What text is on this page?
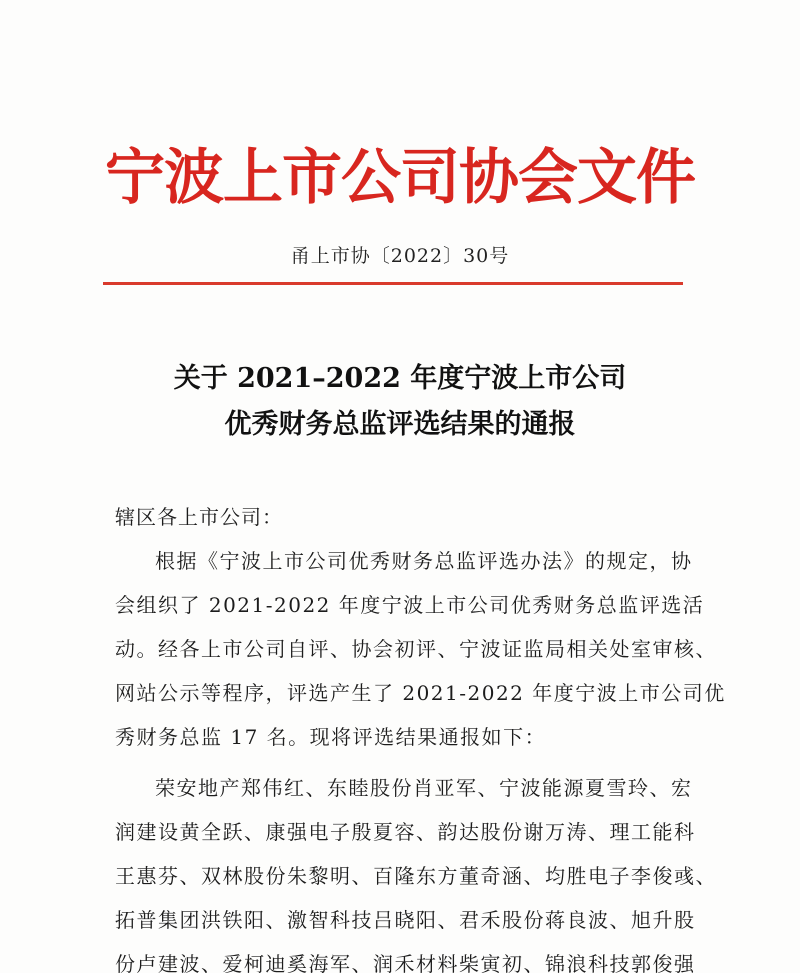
宁波上市公司协会文件
甬上市协〔2022〕30号
关于 2021–2022 年度宁波上市公司
优秀财务总监评选结果的通报
辖区各上市公司：
根据《宁波上市公司优秀财务总监评选办法》的规定，协
会组织了 2021-2022 年度宁波上市公司优秀财务总监评选活
动。经各上市公司自评、协会初评、宁波证监局相关处室审核、
网站公示等程序，评选产生了 2021-2022 年度宁波上市公司优
秀财务总监 17 名。现将评选结果通报如下：
荣安地产郑伟红、东睦股份肖亚军、宁波能源夏雪玲、宏
润建设黄全跃、康强电子殷夏容、韵达股份谢万涛、理工能科
王惠芬、双林股份朱黎明、百隆东方董奇涵、均胜电子李俊彧、
拓普集团洪铁阳、激智科技吕晓阳、君禾股份蒋良波、旭升股
份卢建波、爱柯迪奚海军、润禾材料柴寅初、锦浪科技郭俊强
